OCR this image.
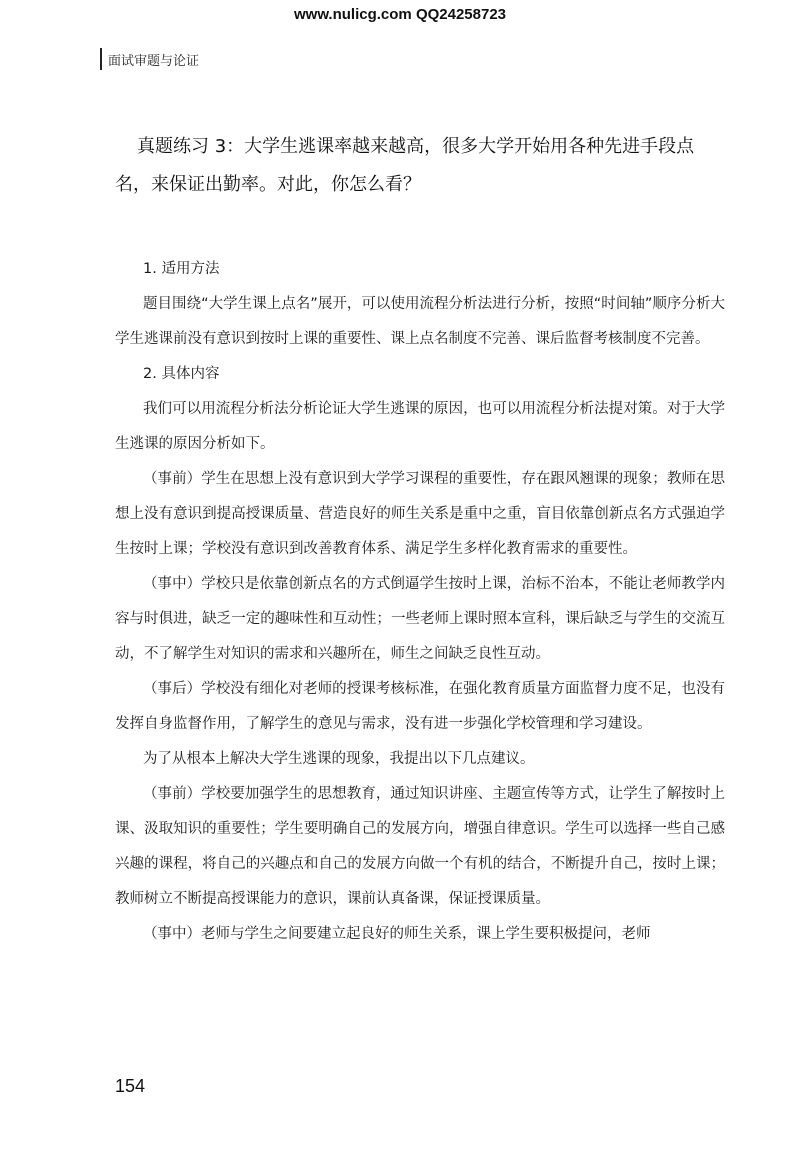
www.nulicg.com QQ24258723
面试审题与论证

真题练习 3：大学生逃课率越来越高，很多大学开始用各种先进手段点名，来保证出勤率。对此，你怎么看？

1. 适用方法

题目围绕“大学生课上点名”展开，可以使用流程分析法进行分析，按照“时间轴”顺序分析大学生逃课前没有意识到按时上课的重要性、课上点名制度不完善、课后监督考核制度不完善。

2. 具体内容

我们可以用流程分析法分析论证大学生逃课的原因，也可以用流程分析法提对策。对于大学生逃课的原因分析如下。

（事前）学生在思想上没有意识到大学学习课程的重要性，存在跟风翘课的现象；教师在思想上没有意识到提高授课质量、营造良好的师生关系是重中之重，盲目依靠创新点名方式强迫学生按时上课；学校没有意识到改善教育体系、满足学生多样化教育需求的重要性。

（事中）学校只是依靠创新点名的方式倒逼学生按时上课，治标不治本，不能让老师教学内容与时俱进，缺乏一定的趣味性和互动性；一些老师上课时照本宣科，课后缺乏与学生的交流互动，不了解学生对知识的需求和兴趣所在，师生之间缺乏良性互动。

（事后）学校没有细化对老师的授课考核标准，在强化教育质量方面监督力度不足，也没有发挥自身监督作用，了解学生的意见与需求，没有进一步强化学校管理和学习建设。

为了从根本上解决大学生逃课的现象，我提出以下几点建议。

（事前）学校要加强学生的思想教育，通过知识讲座、主题宣传等方式，让学生了解按时上课、汲取知识的重要性；学生要明确自己的发展方向，增强自律意识。学生可以选择一些自己感兴趣的课程，将自己的兴趣点和自己的发展方向做一个有机的结合，不断提升自己，按时上课；教师树立不断提高授课能力的意识，课前认真备课，保证授课质量。

（事中）老师与学生之间要建立起良好的师生关系，课上学生要积极提问，老师

154
